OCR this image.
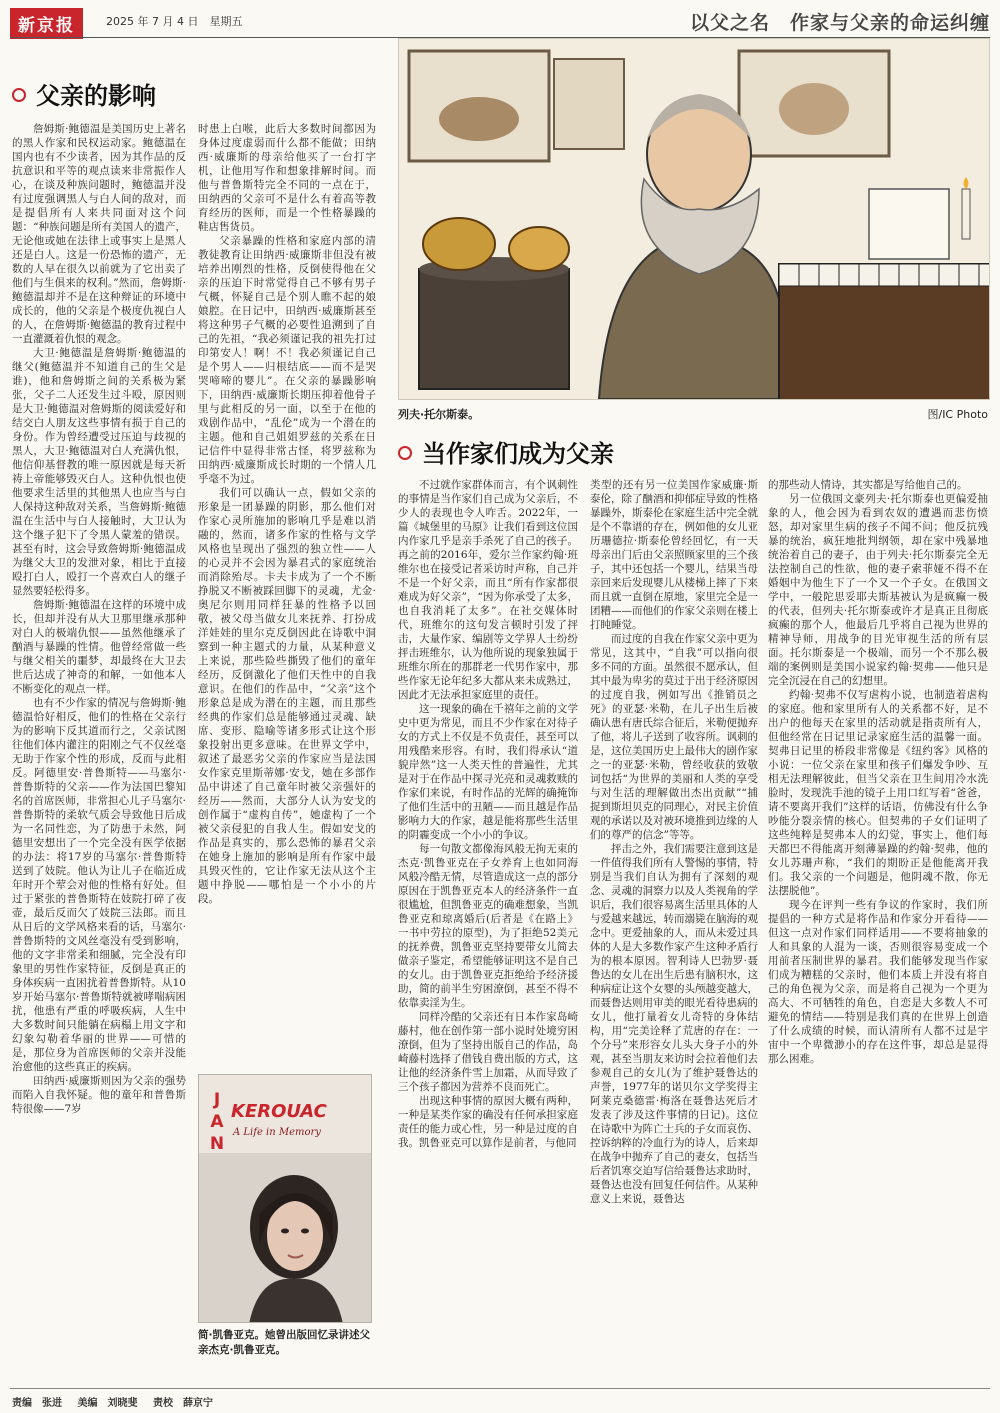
新京报	2025 年 7 月 4 日　星期五	以父之名　作家与父亲的命运纠缠
父亲的影响

詹姆斯·鲍德温是美国历史上著名的黑人作家和民权运动家。鲍德温在国内也有不少读者，因为其作品的反抗意识和平等的观点读来非常振作人心，在谈及种族问题时，鲍德温并没有过度强调黑人与白人间的敌对，而是提倡所有人来共同面对这个问题：“种族问题是所有美国人的遗产，无论他或她在法律上或事实上是黑人还是白人。这是一份恐怖的遗产，无数的人早在很久以前就为了它出卖了他们与生俱来的权利。”然而，詹姆斯·鲍德温却并不是在这种辩证的环境中成长的，他的父亲是个极度仇视白人的人，在詹姆斯·鲍德温的教育过程中一直灌溉着仇恨的观念。

大卫·鲍德温是詹姆斯·鲍德温的继父(鲍德温并不知道自己的生父是谁)，他和詹姆斯之间的关系极为紧张，父子二人还发生过斗殴，原因则是大卫·鲍德温对詹姆斯的阅读爱好和结交白人朋友这些事情有损于自己的身份。作为曾经遭受过压迫与歧视的黑人，大卫·鲍德温对白人充满仇恨，他信仰基督教的唯一原因就是每天祈祷上帝能够毁灭白人。这种仇恨也使他要求生活里的其他黑人也应当与白人保持这种敌对关系，当詹姆斯·鲍德温在生活中与白人接触时，大卫认为这个继子犯下了令黑人蒙羞的错误。甚至有时，这会导致詹姆斯·鲍德温成为继父大卫的发泄对象，相比于直接殴打白人，殴打一个喜欢白人的继子显然要轻松得多。

詹姆斯·鲍德温在这样的环境中成长，但却并没有从大卫那里继承那种对白人的极端仇恨——虽然他继承了酗酒与暴躁的性情。他曾经常做一些与继父相关的噩梦，却最终在大卫去世后达成了神奇的和解，一如他本人不断变化的观点一样。

也有不少作家的情况与詹姆斯·鲍德温恰好相反，他们的性格在父亲行为的影响下反其道而行之，父亲试图往他们体内灌注的阳刚之气不仅丝毫无助于作家个性的形成，反而与此相反。阿德里安·普鲁斯特——马塞尔·普鲁斯特的父亲——作为法国巴黎知名的首席医师，非常担心儿子马塞尔·普鲁斯特的柔软气质会导致他日后成为一名同性恋，为了防患于未然，阿德里安想出了一个完全没有医学依据的办法：将17岁的马塞尔·普鲁斯特送到了妓院。他认为让儿子在临近成年时开个荤会对他的性格有好处。但过于紧张的普鲁斯特在妓院打碎了夜壶，最后反而欠了妓院三法郎。而且从日后的文学风格来看的话，马塞尔·普鲁斯特的文风丝毫没有受到影响，他的文字非常柔和细腻，完全没有印象里的男性作家特征，反倒是真正的身体疾病一直困扰着普鲁斯特。从10岁开始马塞尔·普鲁斯特就被哮喘病困扰，他患有严重的呼吸疾病，人生中大多数时间只能躺在病榻上用文字和幻象勾勒着华丽的世界——可惜的是，那位身为首席医师的父亲并没能治愈他的这些真正的疾病。

田纳西·威廉斯则因为父亲的强势而陷入自我怀疑。他的童年和普鲁斯特很像——7岁

时患上白喉，此后大多数时间都因为身体过度虚弱而什么都不能做；田纳西·威廉斯的母亲给他买了一台打字机，让他用写作和想象排解时间。而他与普鲁斯特完全不同的一点在于，田纳西的父亲可不是什么有着高等教育经历的医师，而是一个性格暴躁的鞋店售货员。

父亲暴躁的性格和家庭内部的清教徒教育让田纳西·威廉斯非但没有被培养出刚烈的性格，反倒使得他在父亲的压迫下时常觉得自己不够有男子气概，怀疑自己是个别人瞧不起的娘娘腔。在日记中，田纳西·威廉斯甚至将这种男子气概的必要性追溯到了自己的先祖，“我必须谨记我的祖先打过印第安人！啊！不！我必须谨记自己是个男人——归根结底——而不是哭哭啼啼的婴儿”。在父亲的暴躁影响下，田纳西·威廉斯长期压抑着他骨子里与此相反的另一面，以至于在他的戏剧作品中，“乱伦”成为一个潜在的主题。他和自己姐姐罗兹的关系在日记信件中显得非常古怪，将罗兹称为田纳西·威廉斯成长时期的一个情人几乎毫不为过。

我们可以确认一点，假如父亲的形象是一团暴躁的阴影，那么他们对作家心灵所施加的影响几乎是难以消融的，然而，诸多作家的性格与文学风格也呈现出了强烈的独立性——人的心灵并不会因为暴君式的家庭统治而消除殆尽。卡夫卡成为了一个不断挣脱又不断被踩回脚下的灵魂，尤金·奥尼尔则用同样狂暴的性格予以回敬，被父母当做女儿来抚养、打扮成洋娃娃的里尔克反倒因此在诗歌中洞察到一种主题式的力量，从某种意义上来说，那些险些撕毁了他们的童年经历，反倒激化了他们天性中的自我意识。在他们的作品中，“父亲”这个形象总是成为潜在的主题，而且那些经典的作家们总是能够通过灵魂、缺席、变形、隐喻等诸多形式让这个形象投射出更多意味。在世界文学中，叙述了最恶劣父亲的作家应当是法国女作家克里斯蒂娜·安戈，她在多部作品中讲述了自己童年时被父亲强奸的经历——然而，大部分人认为安戈的创作属于“虚构自传”，她虚构了一个被父亲侵犯的自我人生。假如安戈的作品是真实的，那么恐怖的暴君父亲在她身上施加的影响是所有作家中最具毁灭性的，它让作家无法从这个主题中挣脱——哪怕是一个小小的片段。

JAN
KEROUAC
A Life in Memory
简·凯鲁亚克。她曾出版回忆录讲述父亲杰克·凯鲁亚克。
列夫·托尔斯泰。	图/IC Photo
当作家们成为父亲

不过就作家群体而言，有个讽刺性的事情是当作家们自己成为父亲后，不少人的表现也令人咋舌。2022年，一篇《城堡里的马原》让我们看到这位国内作家几乎是亲手杀死了自己的孩子。再之前的2016年，爱尔兰作家约翰·班维尔也在接受记者采访时声称，自己并不是一个好父亲，而且“所有作家都很难成为好父亲”，“因为你承受了太多，也自我消耗了太多”。在社交媒体时代，班维尔的这句发言顿时引发了抨击，大量作家、编剧等文学界人士纷纷抨击班维尔，认为他所说的现象独属于班维尔所在的那群老一代男作家中，那些作家无论年纪多大都从来未成熟过，因此才无法承担家庭里的责任。

这一现象的确在千禧年之前的文学史中更为常见，而且不少作家在对待子女的方式上不仅是不负责任，甚至可以用残酷来形容。有时，我们得承认“道貌岸然”这一人类天性的普遍性，尤其是对于在作品中探寻光亮和灵魂救赎的作家们来说，有时作品的光辉的确掩饰了他们生活中的丑陋——而且越是作品影响力大的作家，越是能将那些生活里的阴霾变成一个小小的争议。

每一句散文都像海风般无拘无束的杰克·凯鲁亚克在子女养育上也如同海风般冷酷无情，尽管造成这一点的部分原因在于凯鲁亚克本人的经济条件一直很尴尬，但凯鲁亚克的确难想象，当凯鲁亚克和琼离婚后(后者是《在路上》一书中劳拉的原型)，为了拒绝52美元的抚养费，凯鲁亚克坚持要带女儿简去做亲子鉴定，希望能够证明这不是自己的女儿。由于凯鲁亚克拒绝给予经济援助，简的前半生穷困潦倒，甚至不得不依靠卖淫为生。

同样冷酷的父亲还有日本作家岛崎藤村，他在创作第一部小说时处境穷困潦倒，但为了坚持出版自己的作品，岛崎藤村选择了借钱自费出版的方式，这让他的经济条件雪上加霜，从而导致了三个孩子都因为营养不良而死亡。

出现这种事情的原因大概有两种，一种是某类作家的确没有任何承担家庭责任的能力或心性，另一种是过度的自我。凯鲁亚克可以算作是前者，与他同

类型的还有另一位美国作家威廉·斯泰伦，除了酗酒和抑郁症导致的性格暴躁外，斯泰伦在家庭生活中完全就是个不靠谱的存在，例如他的女儿亚历珊德拉·斯泰伦曾经回忆，有一天母亲出门后由父亲照顾家里的三个孩子，其中还包括一个婴儿，结果当母亲回来后发现婴儿从楼梯上摔了下来而且就一直倒在原地，家里完全是一团糟——而他们的作家父亲则在楼上打盹睡觉。

而过度的自我在作家父亲中更为常见，这其中，“自我”可以指向很多不同的方面。虽然很不愿承认，但其中最为卑劣的莫过于出于经济原因的过度自我，例如写出《推销员之死》的亚瑟·米勒，在儿子出生后被确认患有唐氏综合征后，米勒便抛弃了他，将儿子送到了收容所。讽刺的是，这位美国历史上最伟大的剧作家之一的亚瑟·米勒，曾经收获的致敬词包括“为世界的美丽和人类的享受与对生活的理解做出杰出贡献”“捕捉到斯坦贝克的同理心，对民主价值观的承诺以及对被环境推到边缘的人们的尊严的信念”等等。

抨击之外，我们需要注意到这是一件值得我们所有人警惕的事情，特别是当我们自认为拥有了深刻的观念、灵魂的洞察力以及人类视角的学识后，我们很容易离生活里具体的人与爱越来越远，转而溺毙在脑海的观念中。更爱抽象的人，而从未爱过具体的人是大多数作家产生这种矛盾行为的根本原因。智利诗人巴勃罗·聂鲁达的女儿在出生后患有脑积水，这种病症让这个女婴的头颅越变越大，而聂鲁达则用审美的眼光看待患病的女儿，他打量着女儿奇特的身体结构，用“完美诠释了荒唐的存在：一个分号”来形容女儿头大身子小的外观，甚至当朋友来访时会拉着他们去参观自己的女儿(为了维护聂鲁达的声誉，1977年的诺贝尔文学奖得主阿莱克桑德雷·梅洛在聂鲁达死后才发表了涉及这件事情的日记)。这位在诗歌中为阵亡士兵的子女而哀伤、控诉纳粹的冷血行为的诗人，后来却在战争中抛弃了自己的妻女，包括当后者饥寒交迫写信给聂鲁达求助时，聂鲁达也没有回复任何信件。从某种意义上来说，聂鲁达

的那些动人情诗，其实都是写给他自己的。

另一位俄国文豪列夫·托尔斯泰也更偏爱抽象的人，他会因为看到农奴的遭遇而悲伤愤怒，却对家里生病的孩子不闻不问；他反抗残暴的统治，疯狂地批判纲领，却在家中残暴地统治着自己的妻子，由于列夫·托尔斯泰完全无法控制自己的性欲，他的妻子索菲娅不得不在婚姻中为他生下了一个又一个子女。在俄国文学中，一般陀思妥耶夫斯基被认为是疯癫一极的代表，但列夫·托尔斯泰或许才是真正且彻底疯癫的那个人，他最后几乎将自己视为世界的精神导师，用战争的目光审视生活的所有层面。托尔斯泰是一个极端，而另一个不那么极端的案例则是美国小说家约翰·契弗——他只是完全沉浸在自己的幻想里。

约翰·契弗不仅写虐构小说，也制造着虐构的家庭。他和家里所有人的关系都不好，足不出户的他每天在家里的活动就是指责所有人，但他经常在日记里记录家庭生活的温馨一面。契弗日记里的桥段非常像是《纽约客》风格的小说：一位父亲在家里和孩子们爆发争吵、互相无法理解彼此，但当父亲在卫生间用冷水洗脸时，发现洗手池的镜子上用口红写着“爸爸，请不要离开我们”这样的话语，仿佛没有什么争吵能分裂亲情的核心。但契弗的子女们证明了这些纯粹是契弗本人的幻觉，事实上，他们每天都巴不得能离开刻薄暴躁的约翰·契弗，他的女儿苏珊声称，“我们的期盼正是他能离开我们。我父亲的一个问题是，他阴魂不散，你无法摆脱他”。

现今在评判一些有争议的作家时，我们所提倡的一种方式是将作品和作家分开看待——但这一点对作家们同样适用——不要将抽象的人和具象的人混为一谈，否则很容易变成一个用前者压制世界的暴君。我们能够发现当作家们成为糟糕的父亲时，他们本质上并没有将自己的角色视为父亲，而是将自己视为一个更为高大、不可牺牲的角色，自恋是大多数人不可避免的情结——特别是我们真的在世界上创造了什么成绩的时候，而认清所有人都不过是宇宙中一个卑微渺小的存在这件事，却总是显得那么困难。

责编　张进 美编　刘晓斐 责校　薛京宁
